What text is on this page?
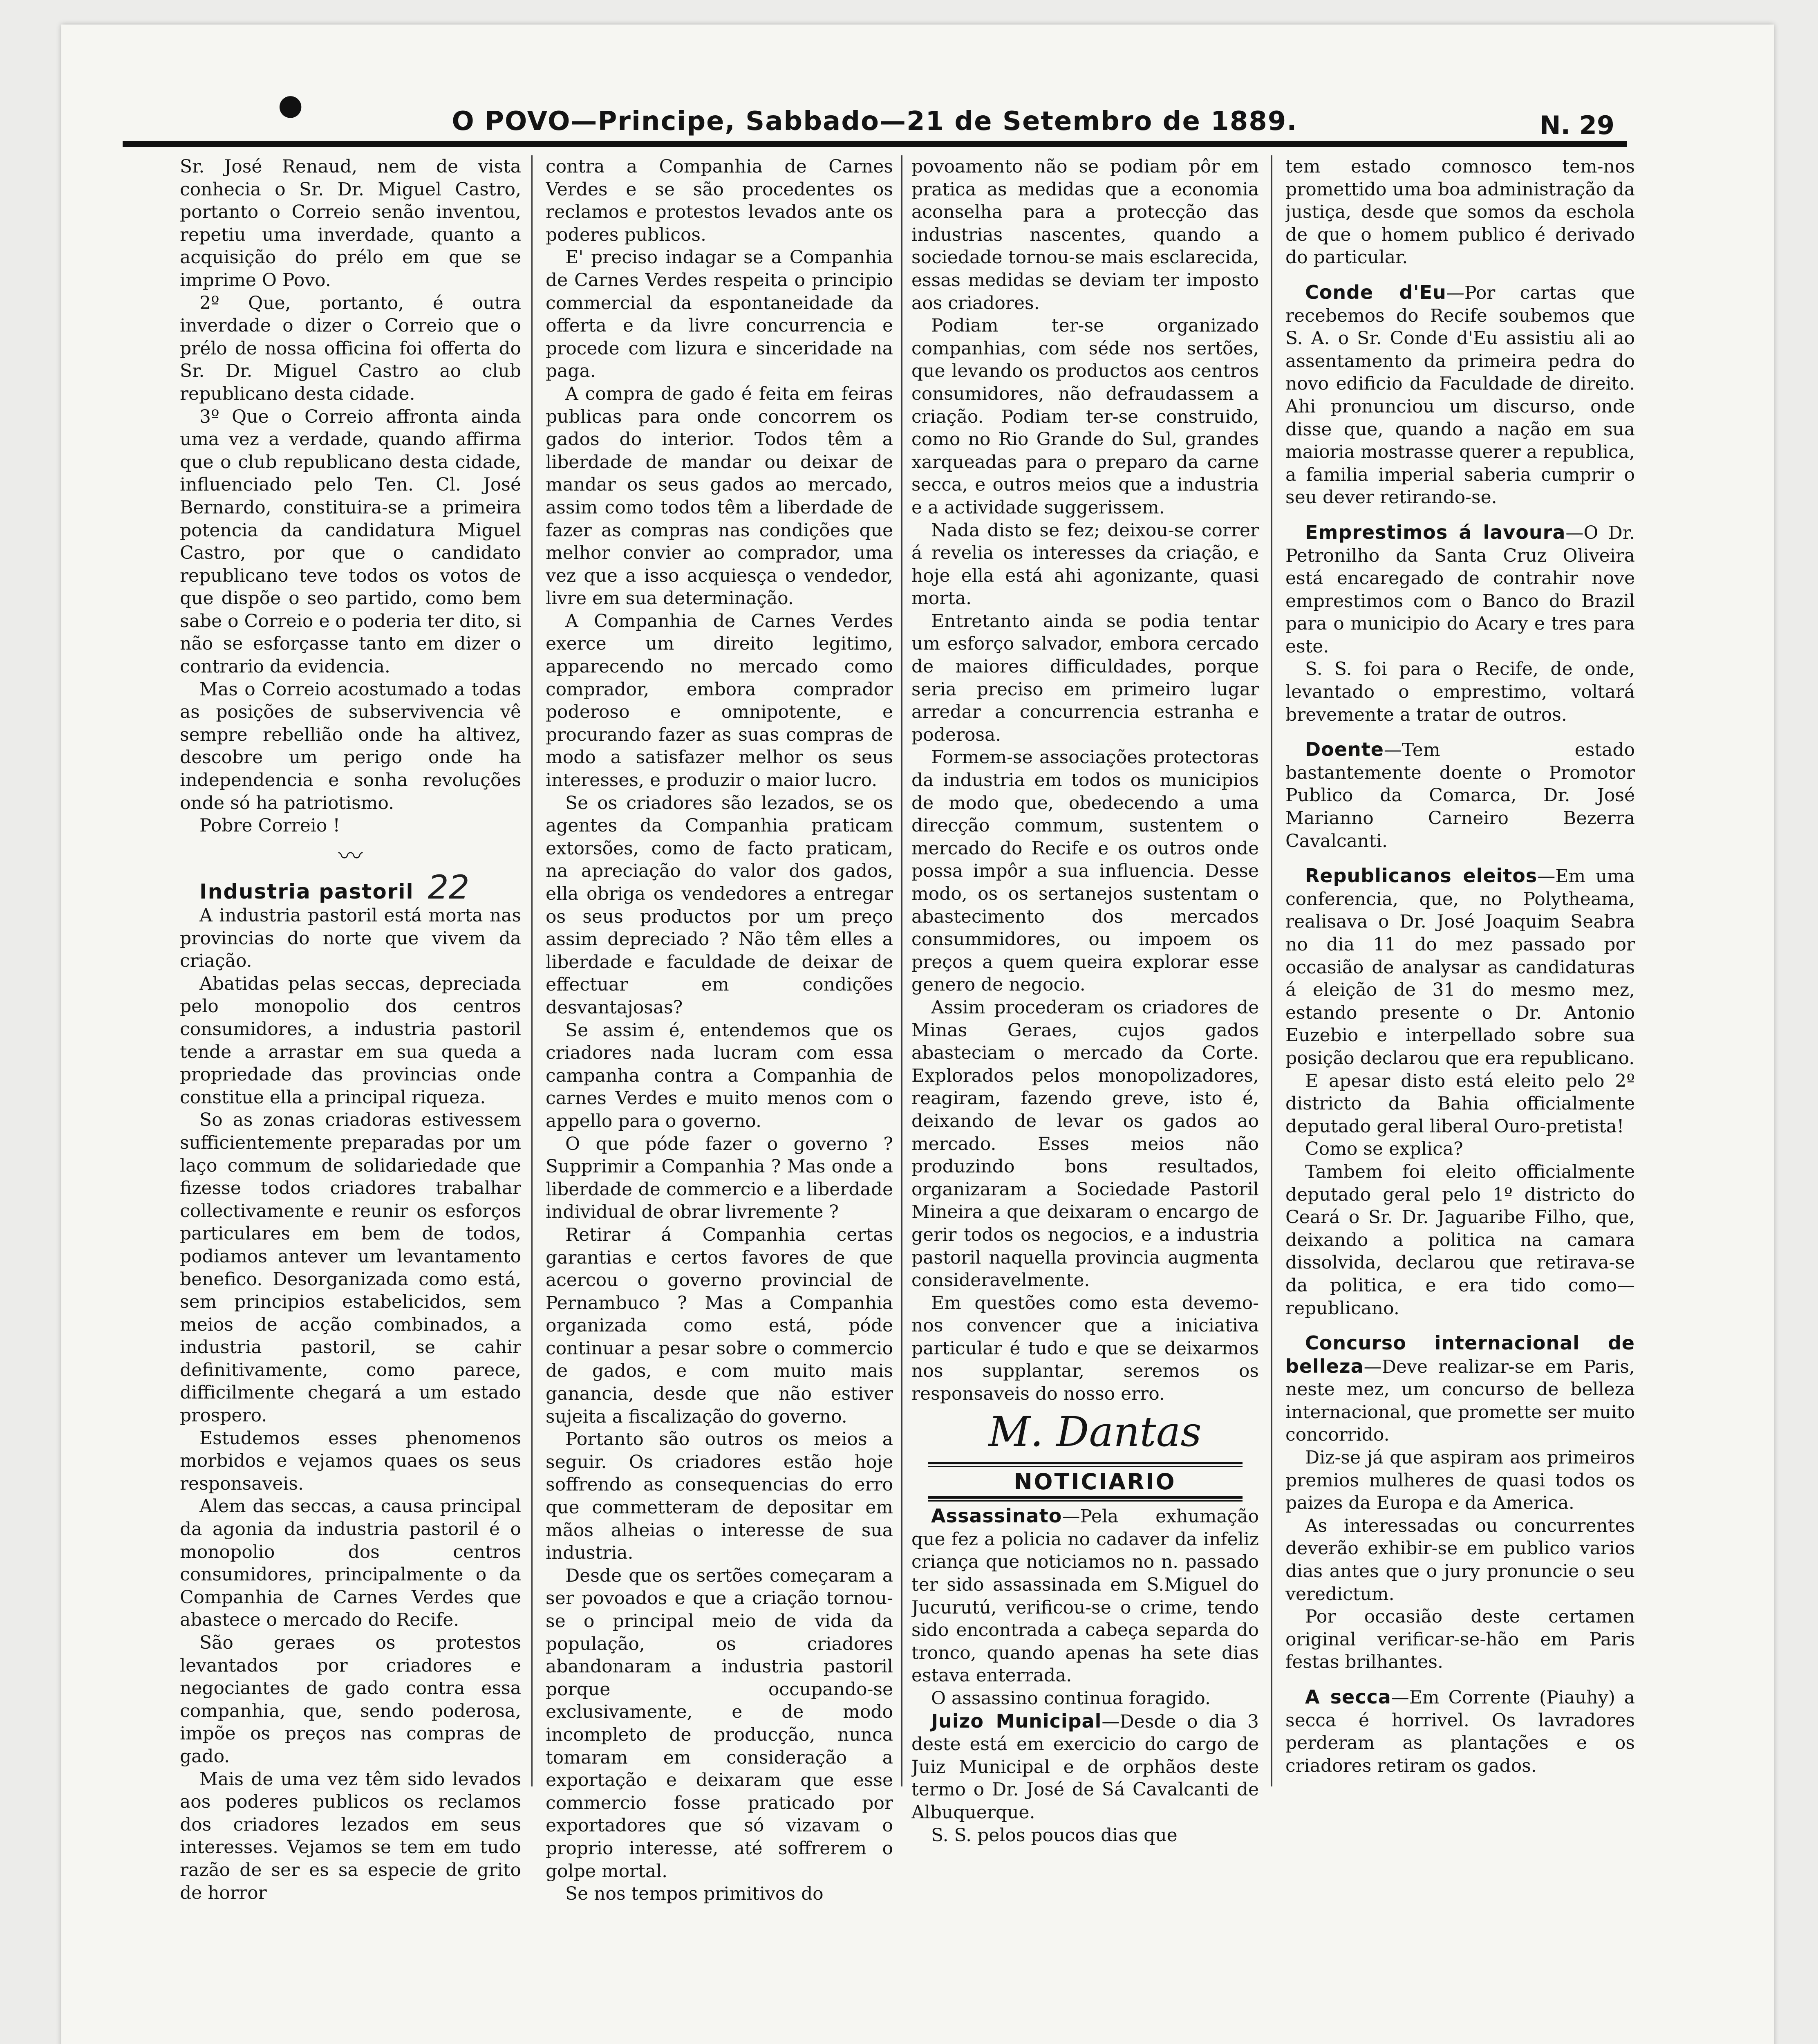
●	O POVO—Principe, Sabbado—21 de Setembro de 1889.	N. 29

Sr. José Renaud, nem de vista conhecia o Sr. Dr. Miguel Castro, portanto o Correio senão inventou, repetiu uma inverdade, quanto a acquisição do prélo em que se imprime O Povo.

2º Que, portanto, é outra inverdade o dizer o Correio que o prélo de nossa officina foi offerta do Sr. Dr. Miguel Castro ao club republicano desta cidade.

3º Que o Correio affronta ainda uma vez a verdade, quando affirma que o club republicano desta cidade, influenciado pelo Ten. Cl. José Bernardo, constituira-se a primeira potencia da candidatura Miguel Castro, por que o candidato republicano teve todos os votos de que dispõe o seo partido, como bem sabe o Correio e o poderia ter dito, si não se esforçasse tanto em dizer o contrario da evidencia.

Mas o Correio acostumado a todas as posições de subservivencia vê sempre rebellião onde ha altivez, descobre um perigo onde ha independencia e sonha revoluções onde só ha patriotismo.

Pobre Correio !

〰

Industria pastoril 22

A industria pastoril está morta nas provincias do norte que vivem da criação.

Abatidas pelas seccas, depreciada pelo monopolio dos centros consumidores, a industria pastoril tende a arrastar em sua queda a propriedade das provincias onde constitue ella a principal riqueza.

So as zonas criadoras estivessem sufficientemente preparadas por um laço commum de solidariedade que fizesse todos criadores trabalhar collectivamente e reunir os esforços particulares em bem de todos, podiamos antever um levantamento benefico. Desorganizada como está, sem principios estabelicidos, sem meios de acção combinados, a industria pastoril, se cahir definitivamente, como parece, difficilmente chegará a um estado prospero.

Estudemos esses phenomenos morbidos e vejamos quaes os seus responsaveis.

Alem das seccas, a causa principal da agonia da industria pastoril é o monopolio dos centros consumidores, principalmente o da Companhia de Carnes Verdes que abastece o mercado do Recife.

São geraes os protestos levantados por criadores e negociantes de gado contra essa companhia, que, sendo poderosa, impõe os preços nas compras de gado.

Mais de uma vez têm sido levados aos poderes publicos os reclamos dos criadores lezados em seus interesses. Vejamos se tem em tudo razão de ser es sa especie de grito de horror

contra a Companhia de Carnes Verdes e se são procedentes os reclamos e protestos levados ante os poderes publicos.

E' preciso indagar se a Companhia de Carnes Verdes respeita o principio commercial da espontaneidade da offerta e da livre concurrencia e procede com lizura e sinceridade na paga.

A compra de gado é feita em feiras publicas para onde concorrem os gados do interior. Todos têm a liberdade de mandar ou deixar de mandar os seus gados ao mercado, assim como todos têm a liberdade de fazer as compras nas condições que melhor convier ao comprador, uma vez que a isso acquiesça o vendedor, livre em sua determinação.

A Companhia de Carnes Verdes exerce um direito legitimo, apparecendo no mercado como comprador, embora comprador poderoso e omnipotente, e procurando fazer as suas compras de modo a satisfazer melhor os seus interesses, e produzir o maior lucro.

Se os criadores são lezados, se os agentes da Companhia praticam extorsões, como de facto praticam, na apreciação do valor dos gados, ella obriga os vendedores a entregar os seus productos por um preço assim depreciado ? Não têm elles a liberdade e faculdade de deixar de effectuar em condições desvantajosas?

Se assim é, entendemos que os criadores nada lucram com essa campanha contra a Companhia de carnes Verdes e muito menos com o appello para o governo.

O que póde fazer o governo ? Supprimir a Companhia ? Mas onde a liberdade de commercio e a liberdade individual de obrar livremente ?

Retirar á Companhia certas garantias e certos favores de que acercou o governo provincial de Pernambuco ? Mas a Companhia organizada como está, póde continuar a pesar sobre o commercio de gados, e com muito mais ganancia, desde que não estiver sujeita a fiscalização do governo.

Portanto são outros os meios a seguir. Os criadores estão hoje soffrendo as consequencias do erro que commetteram de depositar em mãos alheias o interesse de sua industria.

Desde que os sertões começaram a ser povoados e que a criação tornou-se o principal meio de vida da população, os criadores abandonaram a industria pastoril porque occupando-se exclusivamente, e de modo incompleto de producção, nunca tomaram em consideração a exportação e deixaram que esse commercio fosse praticado por exportadores que só vizavam o proprio interesse, até soffrerem o golpe mortal.

Se nos tempos primitivos do

povoamento não se podiam pôr em pratica as medidas que a economia aconselha para a protecção das industrias nascentes, quando a sociedade tornou-se mais esclarecida, essas medidas se deviam ter imposto aos criadores.

Podiam ter-se organizado companhias, com séde nos sertões, que levando os productos aos centros consumidores, não defraudassem a criação. Podiam ter-se construido, como no Rio Grande do Sul, grandes xarqueadas para o preparo da carne secca, e outros meios que a industria e a actividade suggerissem.

Nada disto se fez; deixou-se correr á revelia os interesses da criação, e hoje ella está ahi agonizante, quasi morta.

Entretanto ainda se podia tentar um esforço salvador, embora cercado de maiores difficuldades, porque seria preciso em primeiro lugar arredar a concurrencia estranha e poderosa.

Formem-se associações protectoras da industria em todos os municipios de modo que, obedecendo a uma direcção commum, sustentem o mercado do Recife e os outros onde possa impôr a sua influencia. Desse modo, os os sertanejos sustentam o abastecimento dos mercados consummidores, ou impoem os preços a quem queira explorar esse genero de negocio.

Assim procederam os criadores de Minas Geraes, cujos gados abasteciam o mercado da Corte. Explorados pelos monopolizadores, reagiram, fazendo greve, isto é, deixando de levar os gados ao mercado. Esses meios não produzindo bons resultados, organizaram a Sociedade Pastoril Mineira a que deixaram o encargo de gerir todos os negocios, e a industria pastoril naquella provincia augmenta consideravelmente.

Em questões como esta devemo-nos convencer que a iniciativa particular é tudo e que se deixarmos nos supplantar, seremos os responsaveis do nosso erro.

M. Dantas

NOTICIARIO

Assassinato—Pela exhumação que fez a policia no cadaver da infeliz criança que noticiamos no n. passado ter sido assassinada em S.Miguel do Jucurutú, verificou-se o crime, tendo sido encontrada a cabeça separda do tronco, quando apenas ha sete dias estava enterrada.

O assassino continua foragido.

Juizo Municipal—Desde o dia 3 deste está em exercicio do cargo de Juiz Municipal e de orphãos deste termo o Dr. José de Sá Cavalcanti de Albuquerque.

S. S. pelos poucos dias que

tem estado comnosco tem-nos promettido uma boa administração da justiça, desde que somos da eschola de que o homem publico é derivado do particular.

Conde d'Eu—Por cartas que recebemos do Recife soubemos que S. A. o Sr. Conde d'Eu assistiu ali ao assentamento da primeira pedra do novo edificio da Faculdade de direito. Ahi pronunciou um discurso, onde disse que, quando a nação em sua maioria mostrasse querer a republica, a familia imperial saberia cumprir o seu dever retirando-se.

Emprestimos á lavoura—O Dr. Petronilho da Santa Cruz Oliveira está encaregado de contrahir nove emprestimos com o Banco do Brazil para o municipio do Acary e tres para este.

S. S. foi para o Recife, de onde, levantado o emprestimo, voltará brevemente a tratar de outros.

Doente—Tem estado bastantemente doente o Promotor Publico da Comarca, Dr. José Marianno Carneiro Bezerra Cavalcanti.

Republicanos eleitos—Em uma conferencia, que, no Polytheama, realisava o Dr. José Joaquim Seabra no dia 11 do mez passado por occasião de analysar as candidaturas á eleição de 31 do mesmo mez, estando presente o Dr. Antonio Euzebio e interpellado sobre sua posição declarou que era republicano.

E apesar disto está eleito pelo 2º districto da Bahia officialmente deputado geral liberal Ouro-pretista!

Como se explica?

Tambem foi eleito officialmente deputado geral pelo 1º districto do Ceará o Sr. Dr. Jaguaribe Filho, que, deixando a politica na camara dissolvida, declarou que retirava-se da politica, e era tido como—republicano.

Concurso internacional de belleza—Deve realizar-se em Paris, neste mez, um concurso de belleza internacional, que promette ser muito concorrido.

Diz-se já que aspiram aos primeiros premios mulheres de quasi todos os paizes da Europa e da America.

As interessadas ou concurrentes deverão exhibir-se em publico varios dias antes que o jury pronuncie o seu veredictum.

Por occasião deste certamen original verificar-se-hão em Paris festas brilhantes.

A secca—Em Corrente (Piauhy) a secca é horrivel. Os lavradores perderam as plantações e os criadores retiram os gados.
